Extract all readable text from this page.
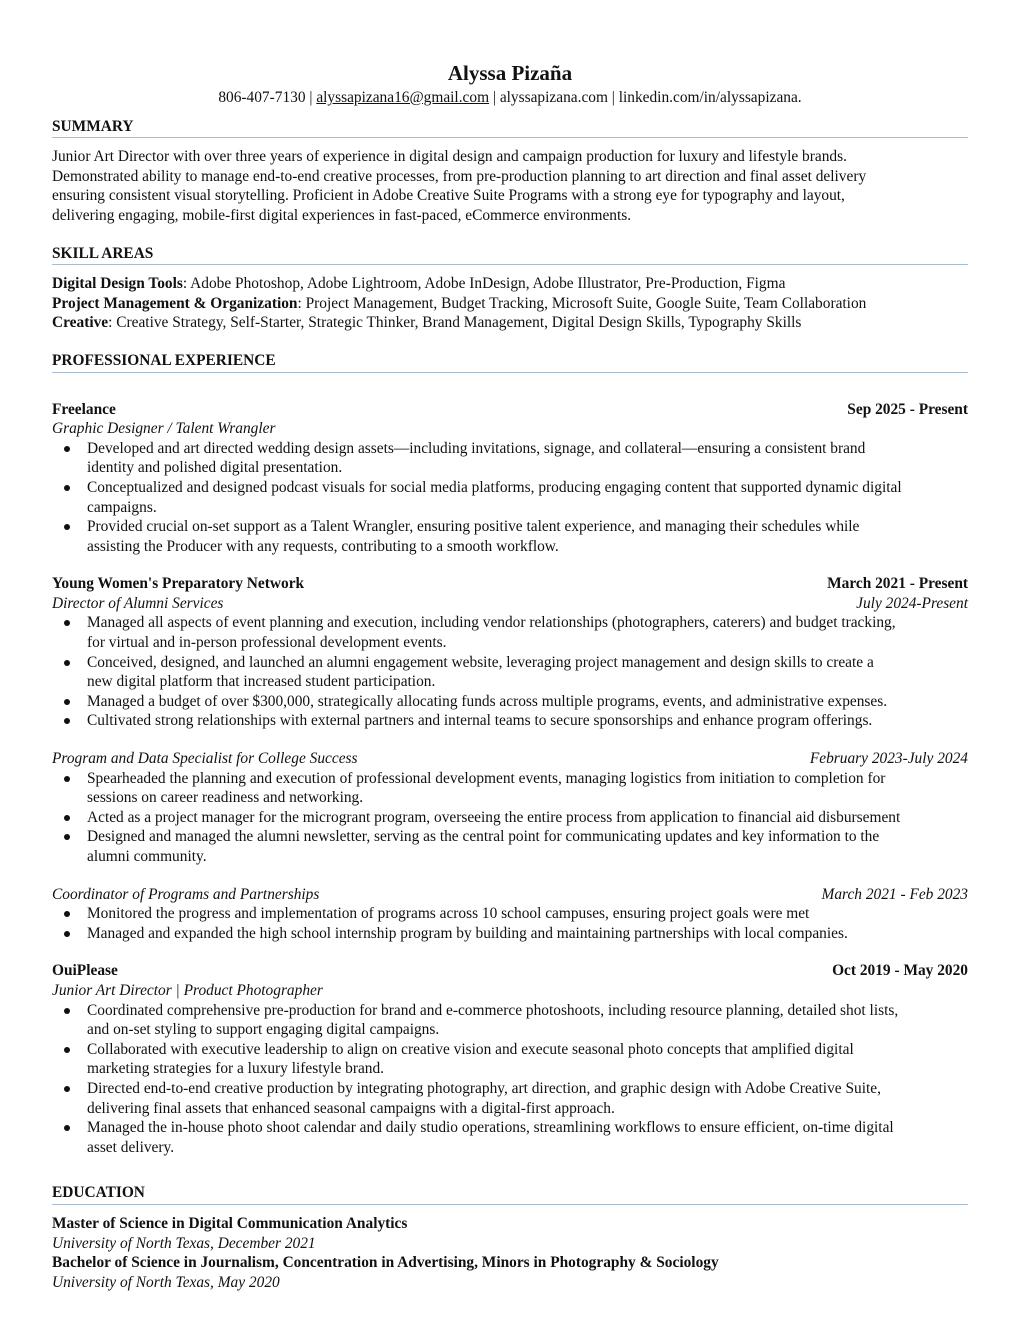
Alyssa Pizaña

806-407-7130 | alyssapizana16@gmail.com | alyssapizana.com | linkedin.com/in/alyssapizana.

SUMMARY

Junior Art Director with over three years of experience in digital design and campaign production for luxury and lifestyle brands.

Demonstrated ability to manage end-to-end creative processes, from pre-production planning to art direction and final asset delivery

ensuring consistent visual storytelling. Proficient in Adobe Creative Suite Programs with a strong eye for typography and layout,

delivering engaging, mobile-first digital experiences in fast-paced, eCommerce environments.

SKILL AREAS

Digital Design Tools: Adobe Photoshop, Adobe Lightroom, Adobe InDesign, Adobe Illustrator, Pre-Production, Figma

Project Management & Organization: Project Management, Budget Tracking, Microsoft Suite, Google Suite, Team Collaboration

Creative: Creative Strategy, Self-Starter, Strategic Thinker, Brand Management, Digital Design Skills, Typography Skills

PROFESSIONAL EXPERIENCE
Freelance	Sep 2025 - Present
Graphic Designer / Talent Wrangler
Developed and art directed wedding design assets—including invitations, signage, and collateral—ensuring a consistent brand
identity and polished digital presentation.
Conceptualized and designed podcast visuals for social media platforms, producing engaging content that supported dynamic digital
campaigns.
Provided crucial on-set support as a Talent Wrangler, ensuring positive talent experience, and managing their schedules while
assisting the Producer with any requests, contributing to a smooth workflow.
Young Women's Preparatory Network	March 2021 - Present
Director of Alumni Services	July 2024-Present
Managed all aspects of event planning and execution, including vendor relationships (photographers, caterers) and budget tracking,
for virtual and in-person professional development events.
Conceived, designed, and launched an alumni engagement website, leveraging project management and design skills to create a
new digital platform that increased student participation.
Managed a budget of over $300,000, strategically allocating funds across multiple programs, events, and administrative expenses.
Cultivated strong relationships with external partners and internal teams to secure sponsorships and enhance program offerings.
Program and Data Specialist for College Success	February 2023-July 2024
Spearheaded the planning and execution of professional development events, managing logistics from initiation to completion for
sessions on career readiness and networking.
Acted as a project manager for the microgrant program, overseeing the entire process from application to financial aid disbursement
Designed and managed the alumni newsletter, serving as the central point for communicating updates and key information to the
alumni community.
Coordinator of Programs and Partnerships	March 2021 - Feb 2023
Monitored the progress and implementation of programs across 10 school campuses, ensuring project goals were met
Managed and expanded the high school internship program by building and maintaining partnerships with local companies.
OuiPlease	Oct 2019 - May 2020
Junior Art Director | Product Photographer
Coordinated comprehensive pre-production for brand and e-commerce photoshoots, including resource planning, detailed shot lists,
and on-set styling to support engaging digital campaigns.
Collaborated with executive leadership to align on creative vision and execute seasonal photo concepts that amplified digital
marketing strategies for a luxury lifestyle brand.
Directed end-to-end creative production by integrating photography, art direction, and graphic design with Adobe Creative Suite,
delivering final assets that enhanced seasonal campaigns with a digital-first approach.
Managed the in-house photo shoot calendar and daily studio operations, streamlining workflows to ensure efficient, on-time digital
asset delivery.
EDUCATION

Master of Science in Digital Communication Analytics

University of North Texas, December 2021

Bachelor of Science in Journalism, Concentration in Advertising, Minors in Photography & Sociology

University of North Texas, May 2020
